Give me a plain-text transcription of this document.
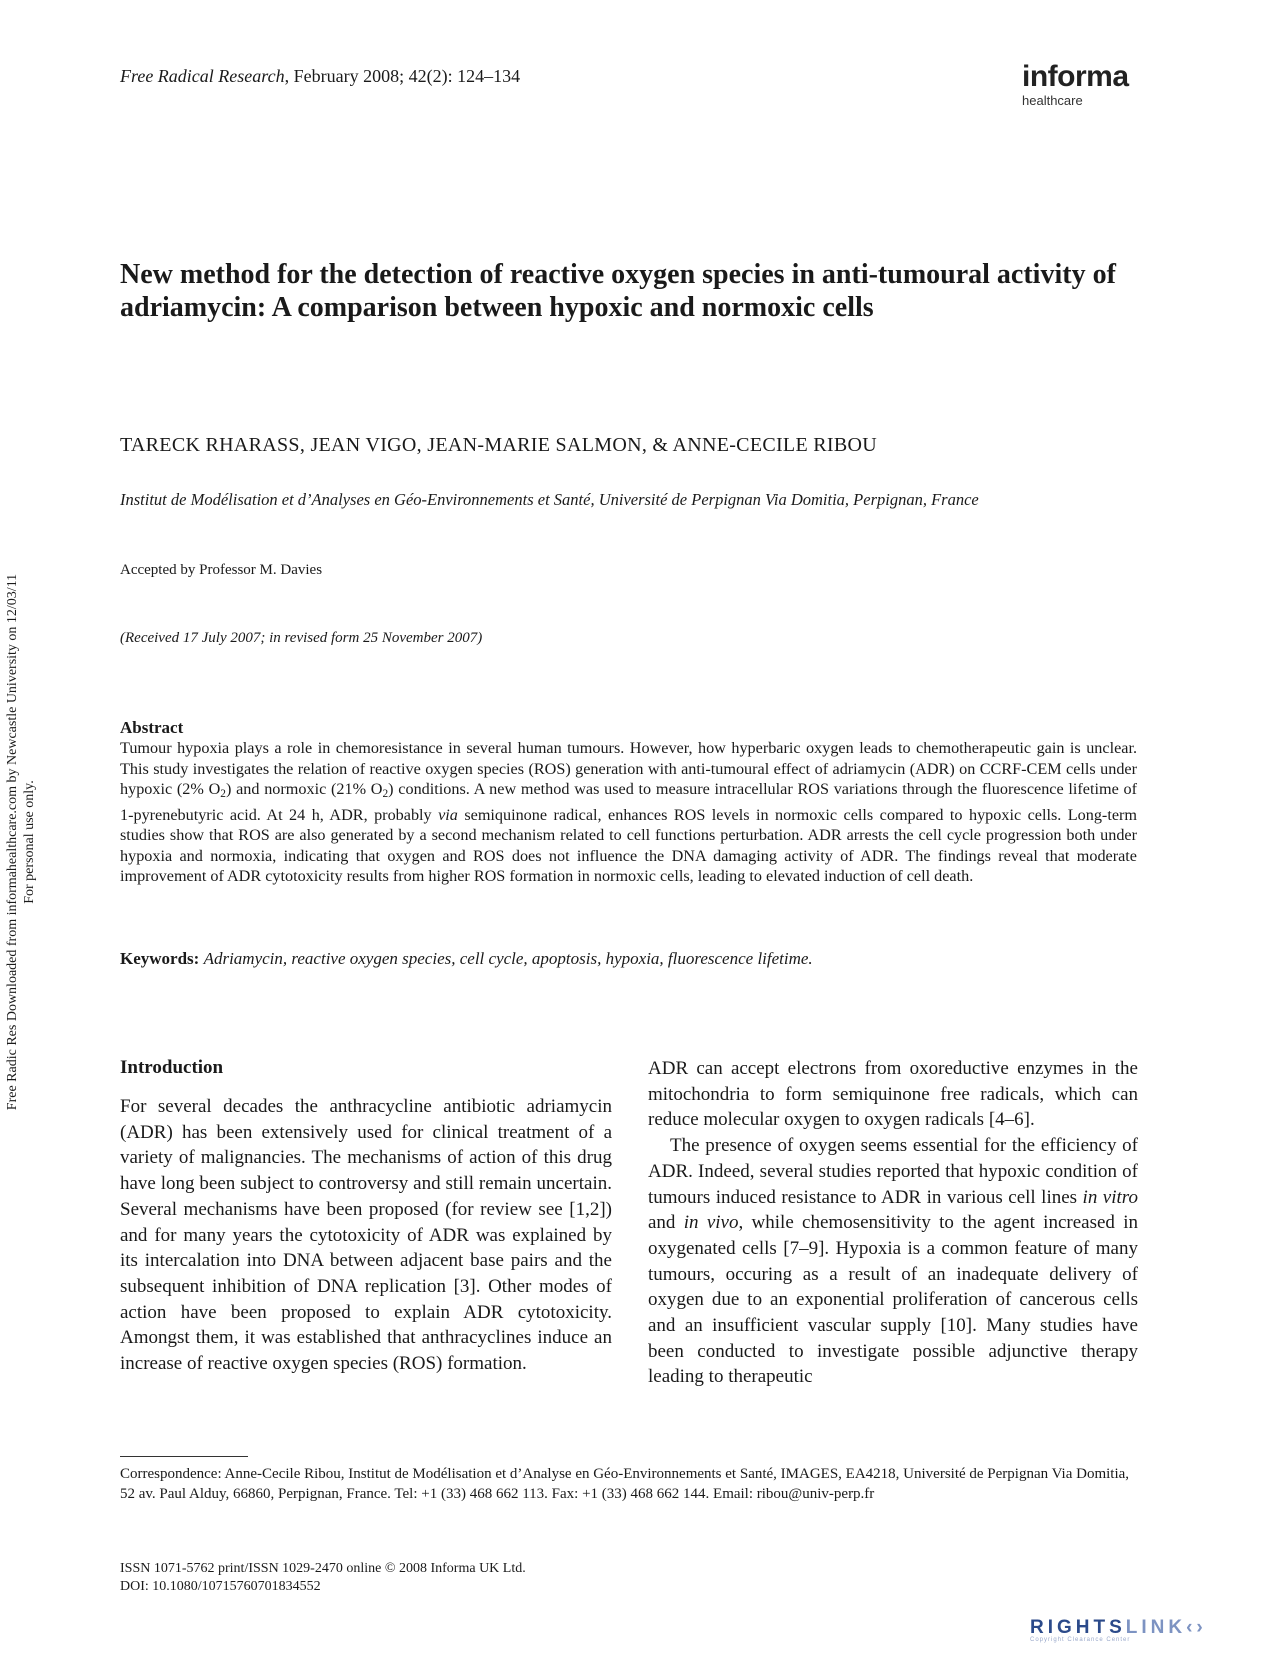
Free Radical Research, February 2008; 42(2): 124–134	informa
healthcare
New method for the detection of reactive oxygen species in anti-tumoural activity of adriamycin: A comparison between hypoxic and normoxic cells
TARECK RHARASS, JEAN VIGO, JEAN-MARIE SALMON, & ANNE-CECILE RIBOU
Institut de Modélisation et d’Analyses en Géo-Environnements et Santé, Université de Perpignan Via Domitia, Perpignan, France
Accepted by Professor M. Davies
(Received 17 July 2007; in revised form 25 November 2007)
Abstract
Tumour hypoxia plays a role in chemoresistance in several human tumours. However, how hyperbaric oxygen leads to chemotherapeutic gain is unclear. This study investigates the relation of reactive oxygen species (ROS) generation with anti-tumoural effect of adriamycin (ADR) on CCRF-CEM cells under hypoxic (2% $O_2$) and normoxic (21% $O_2$) conditions. A new method was used to measure intracellular ROS variations through the fluorescence lifetime of 1-pyrenebutyric acid. At 24 h, ADR, probably via semiquinone radical, enhances ROS levels in normoxic cells compared to hypoxic cells. Long-term studies show that ROS are also generated by a second mechanism related to cell functions perturbation. ADR arrests the cell cycle progression both under hypoxia and normoxia, indicating that oxygen and ROS does not influence the DNA damaging activity of ADR. The findings reveal that moderate improvement of ADR cytotoxicity results from higher ROS formation in normoxic cells, leading to elevated induction of cell death.
Keywords: Adriamycin, reactive oxygen species, cell cycle, apoptosis, hypoxia, fluorescence lifetime.
Introduction

For several decades the anthracycline antibiotic adriamycin (ADR) has been extensively used for clinical treatment of a variety of malignancies. The mechanisms of action of this drug have long been subject to controversy and still remain uncertain. Several mechanisms have been proposed (for review see [1,2]) and for many years the cytotoxicity of ADR was explained by its intercalation into DNA between adjacent base pairs and the subsequent inhibition of DNA replication [3]. Other modes of action have been proposed to explain ADR cytotoxicity. Amongst them, it was established that anthracyclines induce an increase of reactive oxygen species (ROS) formation.

ADR can accept electrons from oxoreductive enzymes in the mitochondria to form semiquinone free radicals, which can reduce molecular oxygen to oxygen radicals [4–6].

The presence of oxygen seems essential for the efficiency of ADR. Indeed, several studies reported that hypoxic condition of tumours induced resistance to ADR in various cell lines in vitro and in vivo, while chemosensitivity to the agent increased in oxygenated cells [7–9]. Hypoxia is a common feature of many tumours, occuring as a result of an inadequate delivery of oxygen due to an exponential proliferation of cancerous cells and an insufficient vascular supply [10]. Many studies have been conducted to investigate possible adjunctive therapy leading to therapeutic

Correspondence: Anne-Cecile Ribou, Institut de Modélisation et d’Analyse en Géo-Environnements et Santé, IMAGES, EA4218, Université de Perpignan Via Domitia, 52 av. Paul Alduy, 66860, Perpignan, France. Tel: +1 (33) 468 662 113. Fax: +1 (33) 468 662 144. Email: ribou@univ-perp.fr
ISSN 1071-5762 print/ISSN 1029-2470 online © 2008 Informa UK Ltd.
DOI: 10.1080/10715760701834552
Free Radic Res Downloaded from informahealthcare.com by Newcastle University on 12/03/11 For personal use only.
RIGHTSLINK‹›
Copyright Clearance Center
